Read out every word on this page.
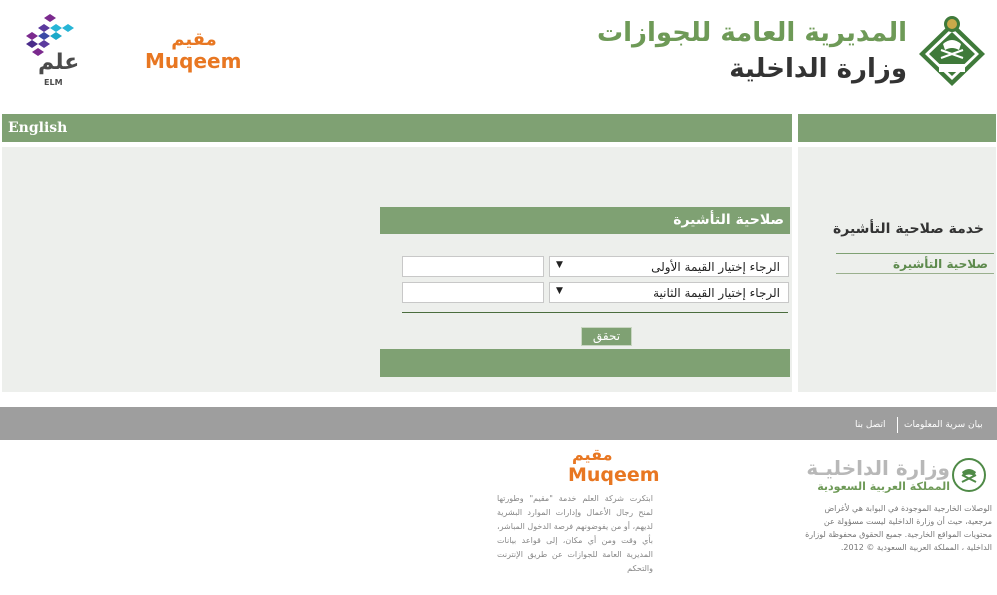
علم
ELM
مقيم
Muqeem
المديرية العامة للجوازات
وزارة الداخلية
English
خدمة صلاحية التأشيرة
صلاحية التأشيرة
صلاحية التأشيرة
الرجاء إختيار القيمة الأولى
▼
الرجاء إختيار القيمة الثانية
▼
تحقق
بيان سرية المعلومات
اتصل بنا
وزارة الداخليـة
المملكة العربية السعودية
الوصلات الخارجية الموجودة في البوابة هي لأغراض مرجعية، حيث أن وزارة الداخلية ليست مسؤولة عن محتويات المواقع الخارجية. جميع الحقوق محفوظة لوزارة الداخلية ، المملكة العربية السعودية © 2012.
مقيم
Muqeem
ابتكرت شركة العلم خدمة "مقيم" وطورتها لمنح رجال الأعمال وإدارات الموارد البشرية لديهم، أو من يفوضونهم فرصة الدخول المباشر، بأي وقت ومن أي مكان، إلى قواعد بيانات المديرية العامة للجوازات عن طريق الإنترنت والتحكم
